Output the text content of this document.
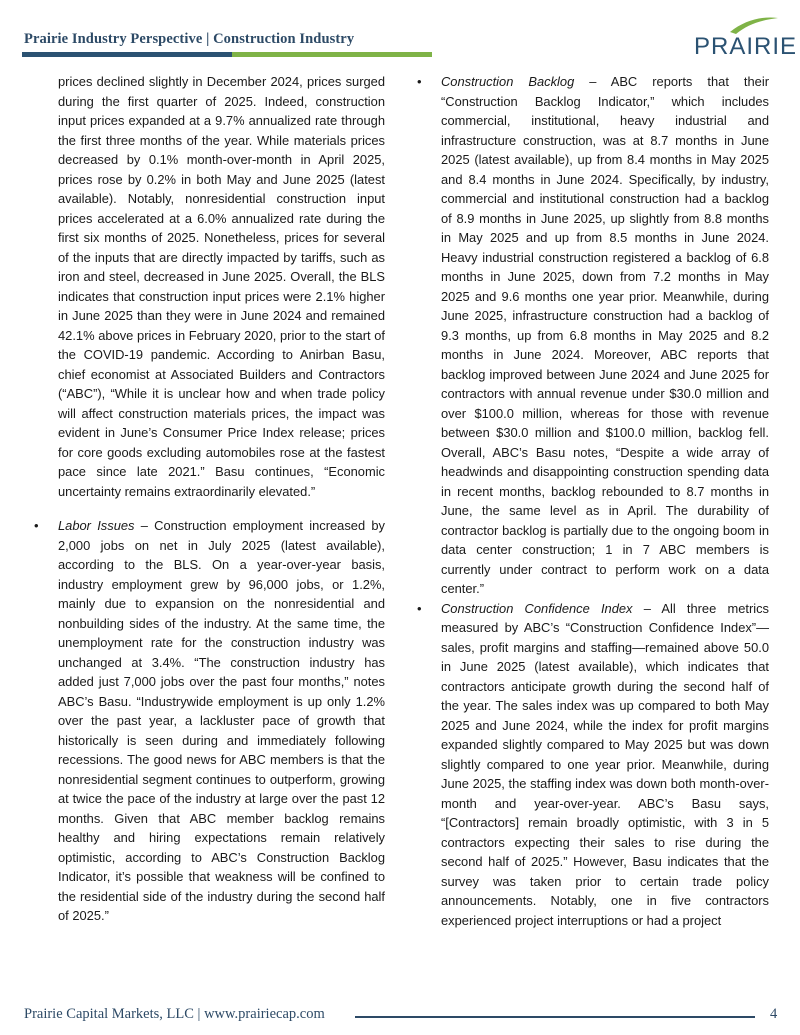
Prairie Industry Perspective | Construction Industry	PRAIRIE

prices declined slightly in December 2024, prices surged during the first quarter of 2025. Indeed, construction input prices expanded at a 9.7% annualized rate through the first three months of the year. While materials prices decreased by 0.1% month-over-month in April 2025, prices rose by 0.2% in both May and June 2025 (latest available). Notably, nonresidential construction input prices accelerated at a 6.0% annualized rate during the first six months of 2025. Nonetheless, prices for several of the inputs that are directly impacted by tariffs, such as iron and steel, decreased in June 2025. Overall, the BLS indicates that construction input prices were 2.1% higher in June 2025 than they were in June 2024 and remained 42.1% above prices in February 2020, prior to the start of the COVID-19 pandemic. According to Anirban Basu, chief economist at Associated Builders and Contractors (“ABC”), “While it is unclear how and when trade policy will affect construction materials prices, the impact was evident in June’s Consumer Price Index release; prices for core goods excluding automobiles rose at the fastest pace since late 2021.” Basu continues, “Economic uncertainty remains extraordinarily elevated.”

• Labor Issues – Construction employment increased by 2,000 jobs on net in July 2025 (latest available), according to the BLS. On a year-over-year basis, industry employment grew by 96,000 jobs, or 1.2%, mainly due to expansion on the nonresidential and nonbuilding sides of the industry. At the same time, the unemployment rate for the construction industry was unchanged at 3.4%. “The construction industry has added just 7,000 jobs over the past four months,” notes ABC’s Basu. “Industrywide employment is up only 1.2% over the past year, a lackluster pace of growth that historically is seen during and immediately following recessions. The good news for ABC members is that the nonresidential segment continues to outperform, growing at twice the pace of the industry at large over the past 12 months. Given that ABC member backlog remains healthy and hiring expectations remain relatively optimistic, according to ABC’s Construction Backlog Indicator, it’s possible that weakness will be confined to the residential side of the industry during the second half of 2025.”

• Construction Backlog – ABC reports that their “Construction Backlog Indicator,” which includes commercial, institutional, heavy industrial and infrastructure construction, was at 8.7 months in June 2025 (latest available), up from 8.4 months in May 2025 and 8.4 months in June 2024. Specifically, by industry, commercial and institutional construction had a backlog of 8.9 months in June 2025, up slightly from 8.8 months in May 2025 and up from 8.5 months in June 2024. Heavy industrial construction registered a backlog of 6.8 months in June 2025, down from 7.2 months in May 2025 and 9.6 months one year prior. Meanwhile, during June 2025, infrastructure construction had a backlog of 9.3 months, up from 6.8 months in May 2025 and 8.2 months in June 2024. Moreover, ABC reports that backlog improved between June 2024 and June 2025 for contractors with annual revenue under $30.0 million and over $100.0 million, whereas for those with revenue between $30.0 million and $100.0 million, backlog fell. Overall, ABC’s Basu notes, “Despite a wide array of headwinds and disappointing construction spending data in recent months, backlog rebounded to 8.7 months in June, the same level as in April. The durability of contractor backlog is partially due to the ongoing boom in data center construction; 1 in 7 ABC members is currently under contract to perform work on a data center.”

• Construction Confidence Index – All three metrics measured by ABC’s “Construction Confidence Index”—sales, profit margins and staffing—remained above 50.0 in June 2025 (latest available), which indicates that contractors anticipate growth during the second half of the year. The sales index was up compared to both May 2025 and June 2024, while the index for profit margins expanded slightly compared to May 2025 but was down slightly compared to one year prior. Meanwhile, during June 2025, the staffing index was down both month-over-month and year-over-year. ABC’s Basu says, “[Contractors] remain broadly optimistic, with 3 in 5 contractors expecting their sales to rise during the second half of 2025.” However, Basu indicates that the survey was taken prior to certain trade policy announcements. Notably, one in five contractors experienced project interruptions or had a project

Prairie Capital Markets, LLC | www.prairiecap.com	4
